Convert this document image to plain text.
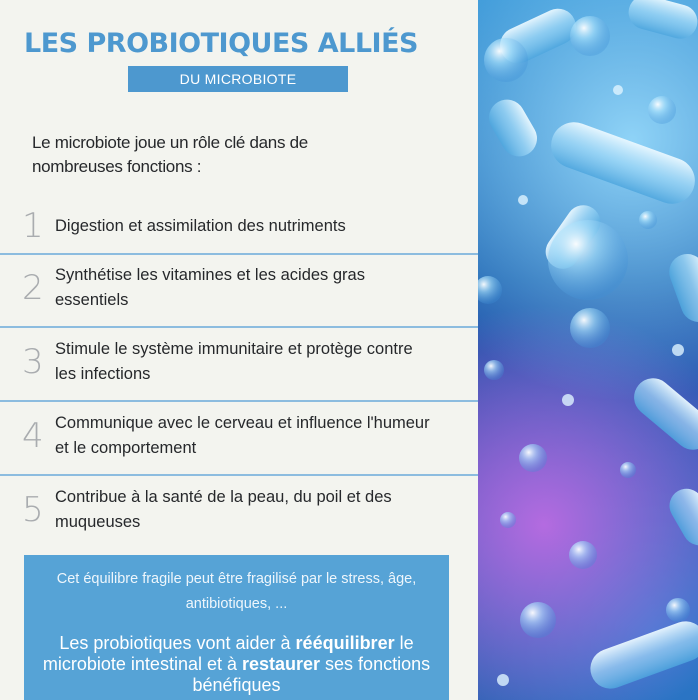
LES PROBIOTIQUES ALLIÉS
DU MICROBIOTE
Le microbiote joue un rôle clé dans de
nombreuses fonctions :
1 Digestion et assimilation des nutriments
2 Synthétise les vitamines et les acides gras
essentiels
3 Stimule le système immunitaire et protège contre
les infections
4 Communique avec le cerveau et influence l'humeur
et le comportement
5 Contribue à la santé de la peau, du poil et des
muqueuses
Cet équilibre fragile peut être fragilisé par le stress, âge,
antibiotiques, ...
Les probiotiques vont aider à rééquilibrer le
microbiote intestinal et à restaurer ses fonctions
bénéfiques
